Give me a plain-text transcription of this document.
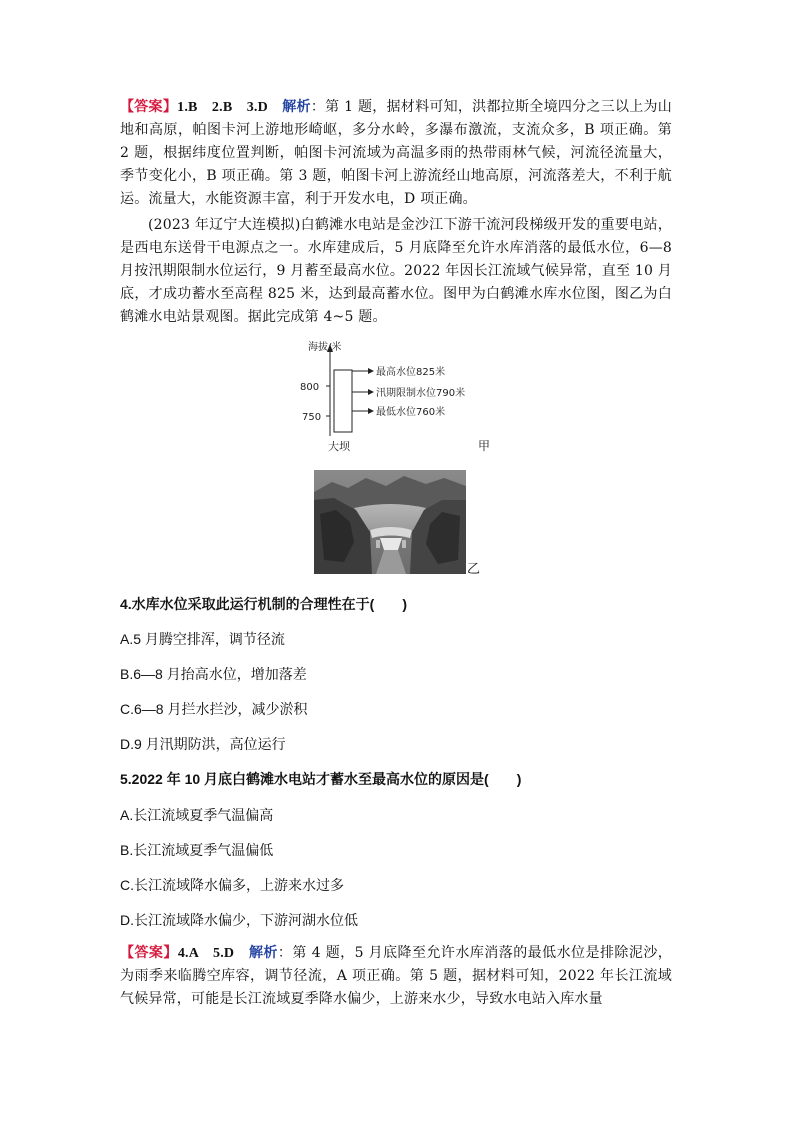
【答案】1.B　2.B　3.D　解析：第 1 题，据材料可知，洪都拉斯全境四分之三以上为山地和高原，帕图卡河上游地形崎岖，多分水岭，多瀑布激流，支流众多，B 项正确。第 2 题，根据纬度位置判断，帕图卡河流域为高温多雨的热带雨林气候，河流径流量大，季节变化小，B 项正确。第 3 题，帕图卡河上游流经山地高原，河流落差大，不利于航运。流量大，水能资源丰富，利于开发水电，D 项正确。
(2023 年辽宁大连模拟)白鹤滩水电站是金沙江下游干流河段梯级开发的重要电站，是西电东送骨干电源点之一。水库建成后，5 月底降至允许水库消落的最低水位，6—8 月按汛期限制水位运行，9 月蓄至最高水位。2022 年因长江流域气候异常，直至 10 月底，才成功蓄水至高程 825 米，达到最高蓄水位。图甲为白鹤滩水库水位图，图乙为白鹤滩水电站景观图。据此完成第 4~5 题。
海拔/米
800
750
最高水位825米
汛期限制水位790米
最低水位760米
大坝	甲
乙
4.水库水位采取此运行机制的合理性在于(　　)
A.5 月腾空排浑，调节径流
B.6—8 月抬高水位，增加落差
C.6—8 月拦水拦沙，减少淤积
D.9 月汛期防洪，高位运行
5.2022 年 10 月底白鹤滩水电站才蓄水至最高水位的原因是(　　)
A.长江流域夏季气温偏高
B.长江流域夏季气温偏低
C.长江流域降水偏多，上游来水过多
D.长江流域降水偏少，下游河湖水位低
【答案】4.A　5.D　解析：第 4 题，5 月底降至允许水库消落的最低水位是排除泥沙，为雨季来临腾空库容，调节径流，A 项正确。第 5 题，据材料可知，2022 年长江流域气候异常，可能是长江流域夏季降水偏少，上游来水少，导致水电站入库水量
